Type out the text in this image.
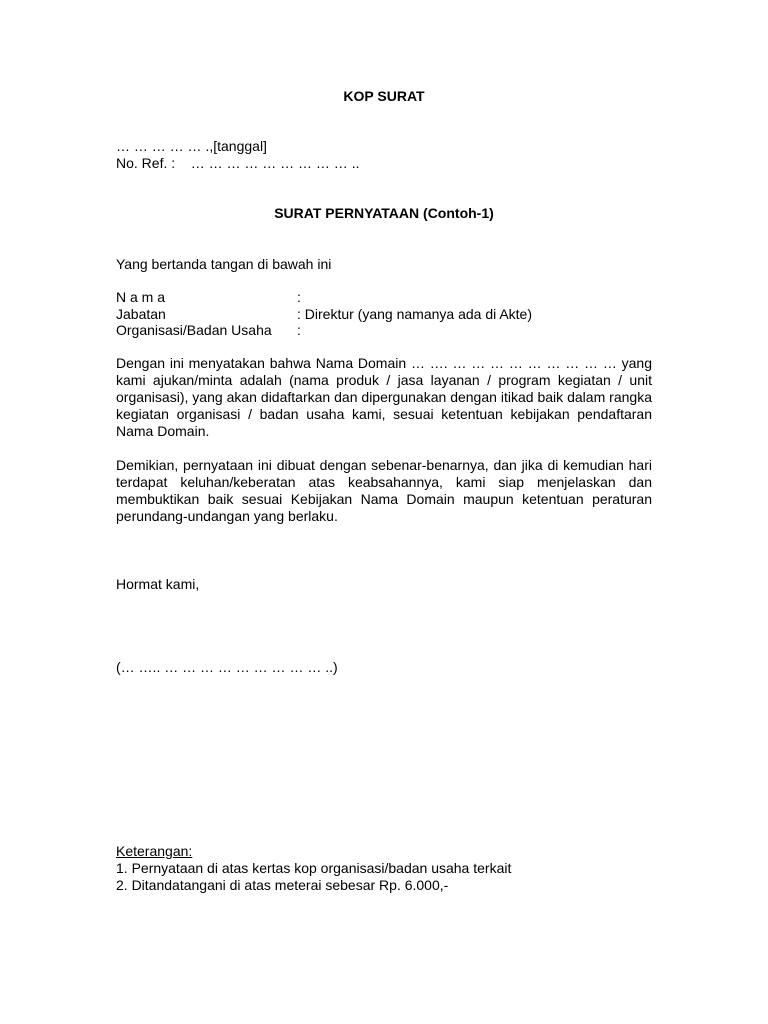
KOP SURAT
… … … … … .,[tanggal]
No. Ref. :    … … … … … … … … … ..
SURAT PERNYATAAN (Contoh-1)
Yang bertanda tangan di bawah ini
N a m a	:
Jabatan	: Direktur (yang namanya ada di Akte)
Organisasi/Badan Usaha :

Dengan ini menyatakan bahwa Nama Domain … …. … … … … … … … … … yang kami ajukan/minta adalah (nama produk / jasa layanan / program kegiatan / unit organisasi), yang akan didaftarkan dan dipergunakan dengan itikad baik dalam rangka kegiatan organisasi / badan usaha kami, sesuai ketentuan kebijakan pendaftaran Nama Domain.

Demikian, pernyataan ini dibuat dengan sebenar-benarnya, dan jika di kemudian hari terdapat keluhan/keberatan atas keabsahannya, kami siap menjelaskan dan membuktikan baik sesuai Kebijakan Nama Domain maupun ketentuan peraturan perundang-undangan yang berlaku.

Hormat kami,
(… ….. … … … … … … … … … ..)
Keterangan:
1. Pernyataan di atas kertas kop organisasi/badan usaha terkait
2. Ditandatangani di atas meterai sebesar Rp. 6.000,-
